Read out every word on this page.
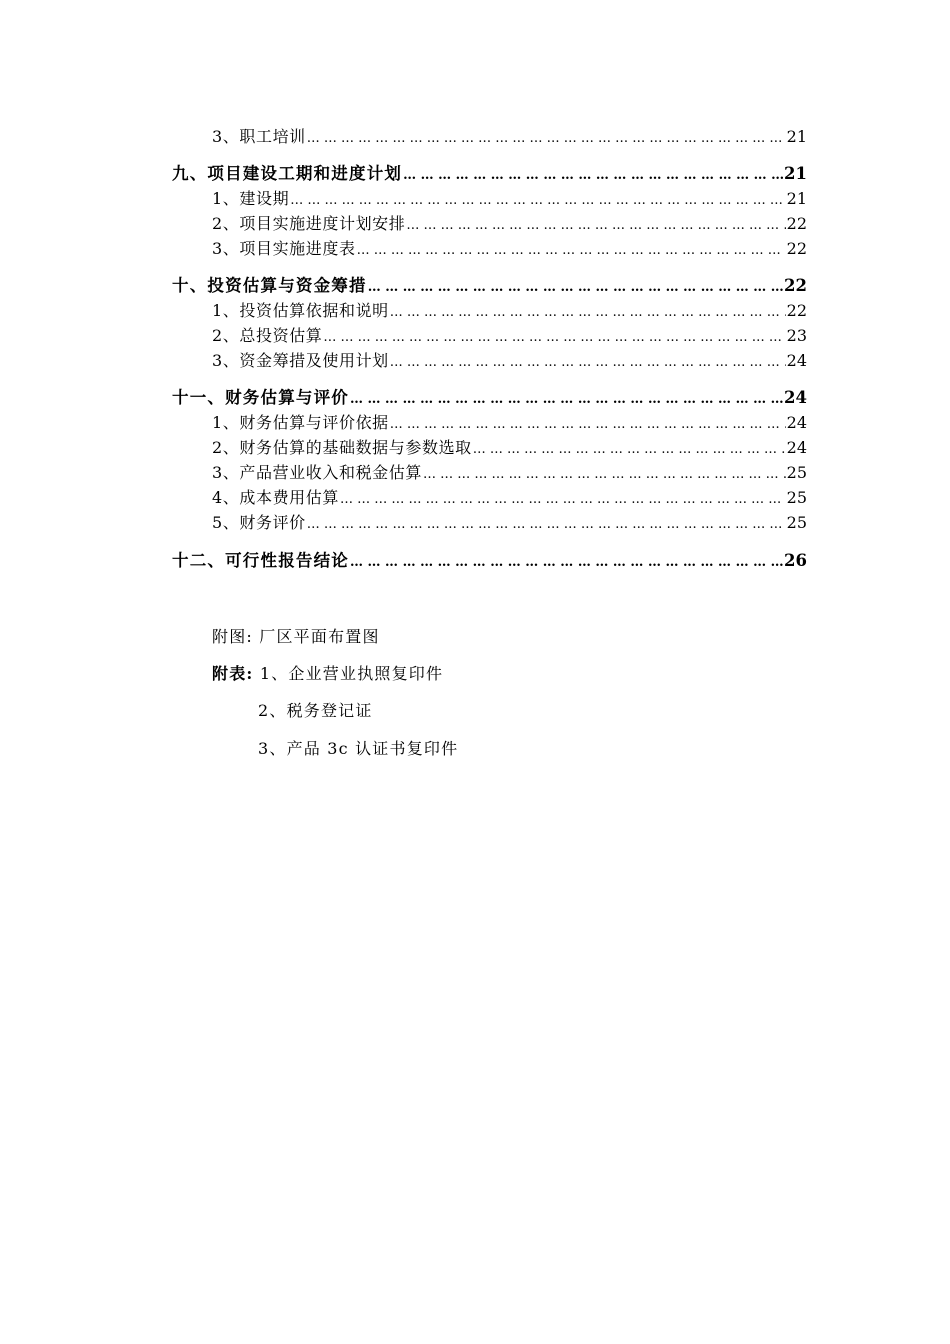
3、职工培训 … … … … … … … … … … … … … … … … … … … … … … … … … … … … … … … … … … … … … … … … … … … … …	21
九、项目建设工期和进度计划 … … … … … … … … … … … … … … … … … … … … … … … … … … … … … … … … … … … … … … … … … … … … …	21
1、建设期 … … … … … … … … … … … … … … … … … … … … … … … … … … … … … … … … … … … … … … … … … … … … …	21
2、项目实施进度计划安排 … … … … … … … … … … … … … … … … … … … … … … … … … … … … … … … … … … … … … … … … … … … … …	22
3、项目实施进度表 … … … … … … … … … … … … … … … … … … … … … … … … … … … … … … … … … … … … … … … … … … … … …	22
十、投资估算与资金筹措 … … … … … … … … … … … … … … … … … … … … … … … … … … … … … … … … … … … … … … … … … … … … …	22
1、投资估算依据和说明 … … … … … … … … … … … … … … … … … … … … … … … … … … … … … … … … … … … … … … … … … … … … …	22
2、总投资估算 … … … … … … … … … … … … … … … … … … … … … … … … … … … … … … … … … … … … … … … … … … … … …	23
3、资金筹措及使用计划 … … … … … … … … … … … … … … … … … … … … … … … … … … … … … … … … … … … … … … … … … … … … …	24
十一、财务估算与评价 … … … … … … … … … … … … … … … … … … … … … … … … … … … … … … … … … … … … … … … … … … … … …	24
1、财务估算与评价依据 … … … … … … … … … … … … … … … … … … … … … … … … … … … … … … … … … … … … … … … … … … … … …	24
2、财务估算的基础数据与参数选取 … … … … … … … … … … … … … … … … … … … … … … … … … … … … … … … … … … … … … … … … … … … … …	24
3、产品营业收入和税金估算 … … … … … … … … … … … … … … … … … … … … … … … … … … … … … … … … … … … … … … … … … … … … …	25
4、成本费用估算 … … … … … … … … … … … … … … … … … … … … … … … … … … … … … … … … … … … … … … … … … … … … …	25
5、财务评价 … … … … … … … … … … … … … … … … … … … … … … … … … … … … … … … … … … … … … … … … … … … … …	25
十二、可行性报告结论 … … … … … … … … … … … … … … … … … … … … … … … … … … … … … … … … … … … … … … … … … … … … …	26
附图: 厂区平面布置图
附表: 1、企业营业执照复印件
2、税务登记证
3、产品 3c 认证书复印件
